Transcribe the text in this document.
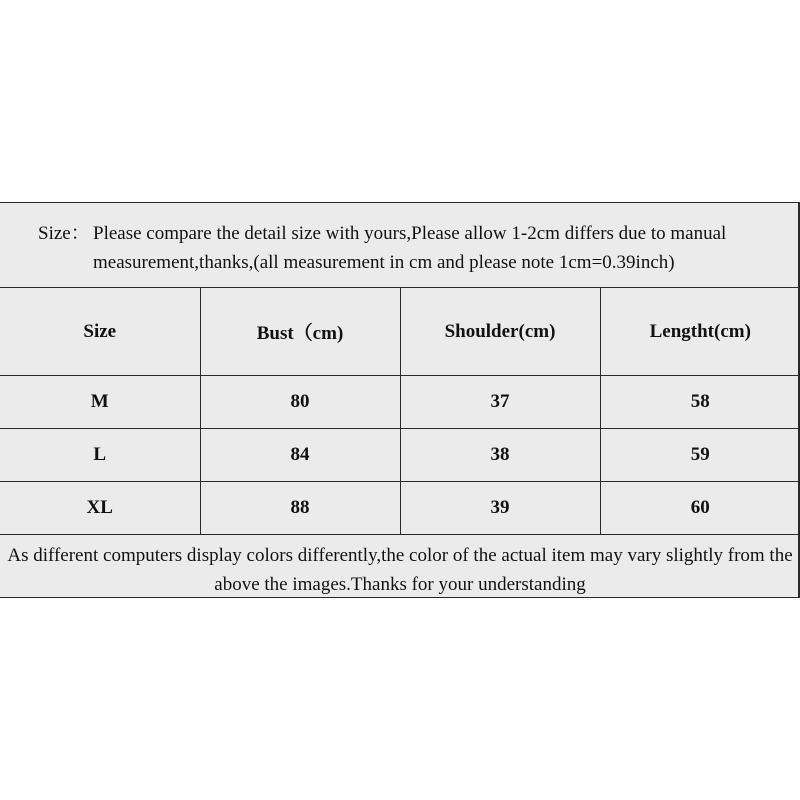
Size： Please compare the detail size with yours,Please allow 1-2cm differs due to manual measurement,thanks,(all measurement in cm and please note 1cm=0.39inch)
Size	Bust（cm)	Shoulder(cm)	Lengtht(cm)
M	80	37	58
L	84	38	59
XL	88	39	60
As different computers display colors differently,the color of the actual item may vary slightly from the above the images.Thanks for your understanding
